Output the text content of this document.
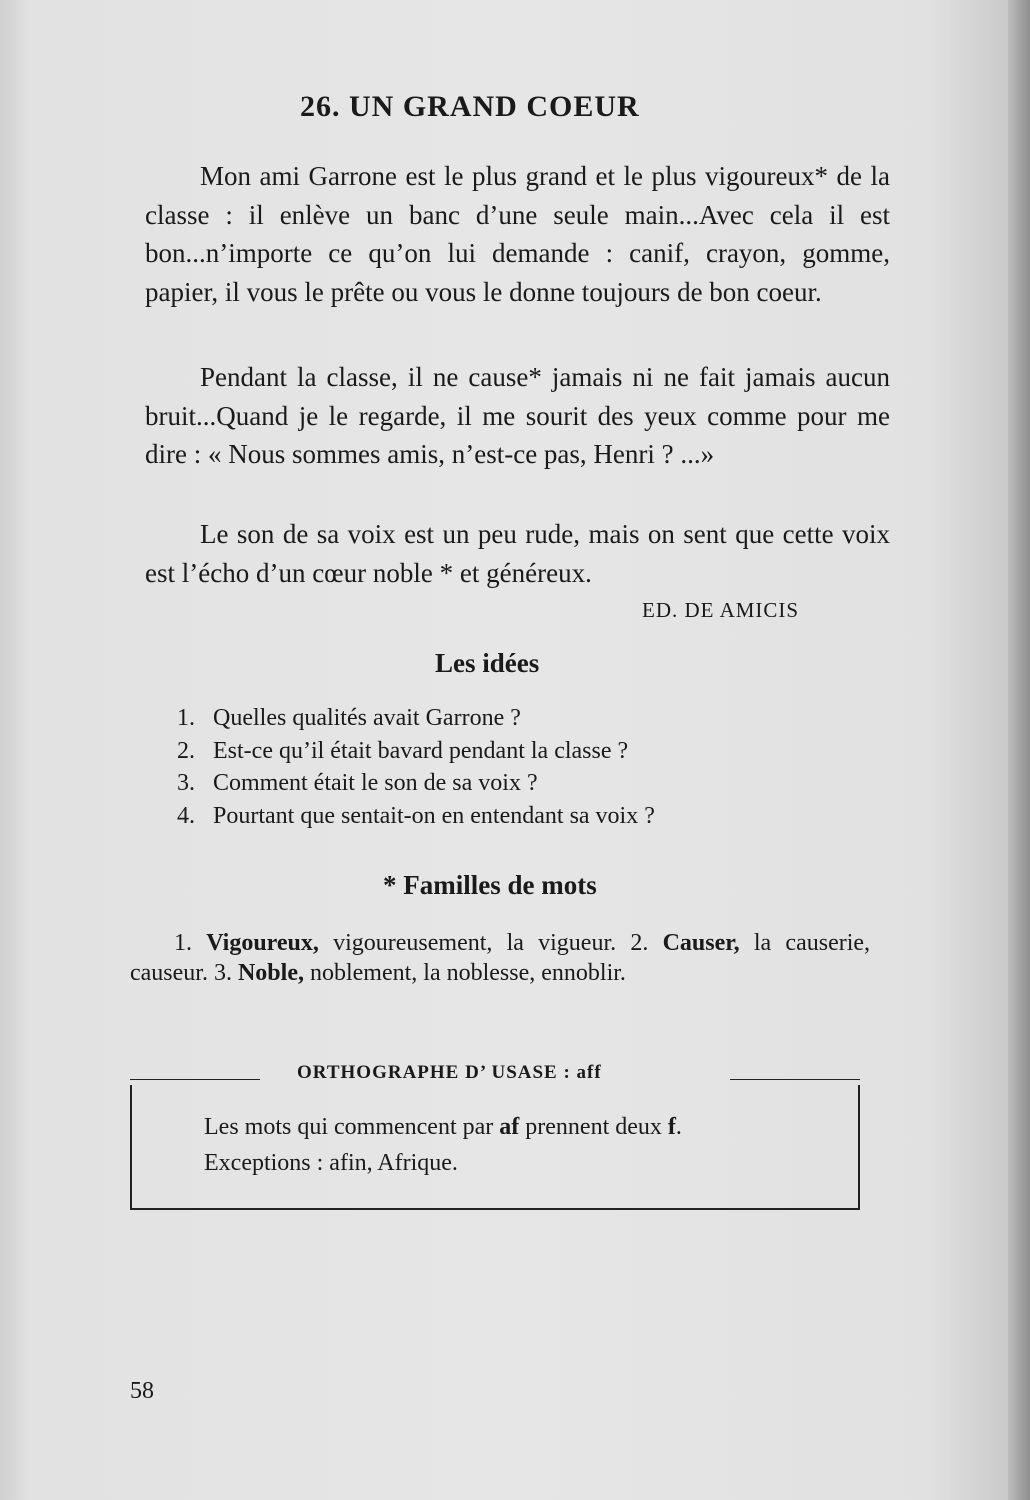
26. UN GRAND COEUR

Mon ami Garrone est le plus grand et le plus vigoureux* de la classe : il enlève un banc d’une seule main...Avec cela il est bon...n’importe ce qu’on lui demande : canif, crayon, gomme, papier, il vous le prête ou vous le donne toujours de bon coeur.

Pendant la classe, il ne cause* jamais ni ne fait jamais aucun bruit...Quand je le regarde, il me sourit des yeux comme pour me dire : « Nous sommes amis, n’est-ce pas, Henri ? ...»

Le son de sa voix est un peu rude, mais on sent que cette voix est l’écho d’un cœur noble * et généreux.

ED. DE AMICIS
Les idées
1. Quelles qualités avait Garrone ?
2. Est-ce qu’il était bavard pendant la classe ?
3. Comment était le son de sa voix ?
4. Pourtant que sentait-on en entendant sa voix ?
* Familles de mots

1. Vigoureux, vigoureusement, la vigueur. 2. Causer, la causerie, causeur. 3. Noble, noblement, la noblesse, ennoblir.

ORTHOGRAPHE D’ USASE : aff
Les mots qui commencent par af prennent deux f.
Exceptions : afin, Afrique.
58
